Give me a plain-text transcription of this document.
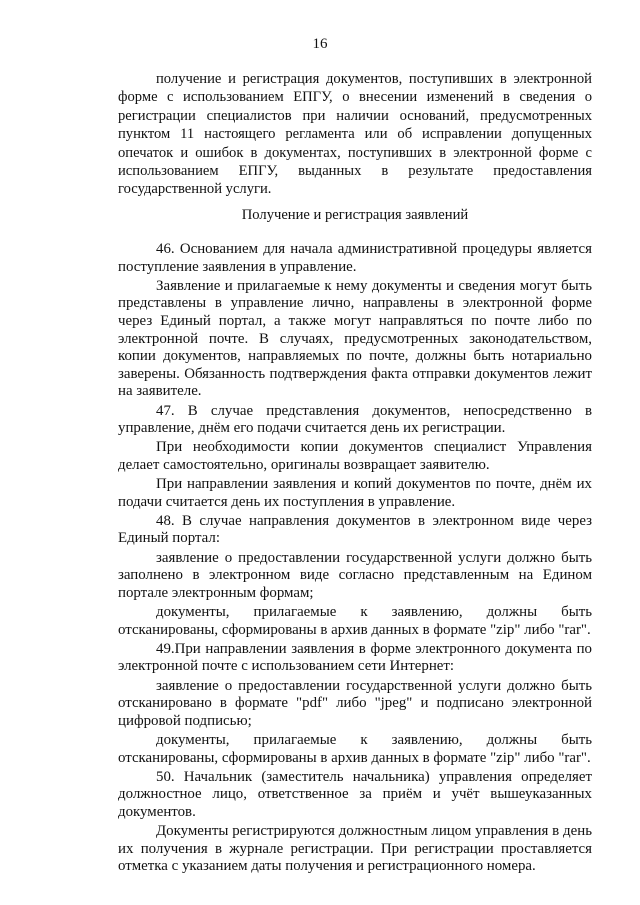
16

получение и регистрация документов, поступивших в электронной форме с использованием ЕПГУ, о внесении изменений в сведения о регистрации специалистов при наличии оснований, предусмотренных пунктом 11 настоящего регламента или об исправлении допущенных опечаток и ошибок в документах, поступивших в электронной форме с использованием ЕПГУ, выданных в результате предоставления государственной услуги.

Получение и регистрация заявлений

46. Основанием для начала административной процедуры является поступление заявления в управление.

Заявление и прилагаемые к нему документы и сведения могут быть представлены в управление лично, направлены в электронной форме через Единый портал, а также могут направляться по почте либо по электронной почте. В случаях, предусмотренных законодательством, копии документов, направляемых по почте, должны быть нотариально заверены. Обязанность подтверждения факта отправки документов лежит на заявителе.

47. В случае представления документов, непосредственно в управление, днём его подачи считается день их регистрации.

При необходимости копии документов специалист Управления делает самостоятельно, оригиналы возвращает заявителю.

При направлении заявления и копий документов по почте, днём их подачи считается день их поступления в управление.

48. В случае направления документов в электронном виде через Единый портал:

заявление о предоставлении государственной услуги должно быть заполнено в электронном виде согласно представленным на Едином портале электронным формам;

документы, прилагаемые к заявлению, должны быть отсканированы, сформированы в архив данных в формате "zip" либо "rar".

49.При направлении заявления в форме электронного документа по электронной почте с использованием сети Интернет:

заявление о предоставлении государственной услуги должно быть отсканировано в формате "pdf" либо "jpeg" и подписано электронной цифровой подписью;

документы, прилагаемые к заявлению, должны быть отсканированы, сформированы в архив данных в формате "zip" либо "rar".

50. Начальник (заместитель начальника) управления определяет должностное лицо, ответственное за приём и учёт вышеуказанных документов.

Документы регистрируются должностным лицом управления в день их получения в журнале регистрации. При регистрации проставляется отметка с указанием даты получения и регистрационного номера.
